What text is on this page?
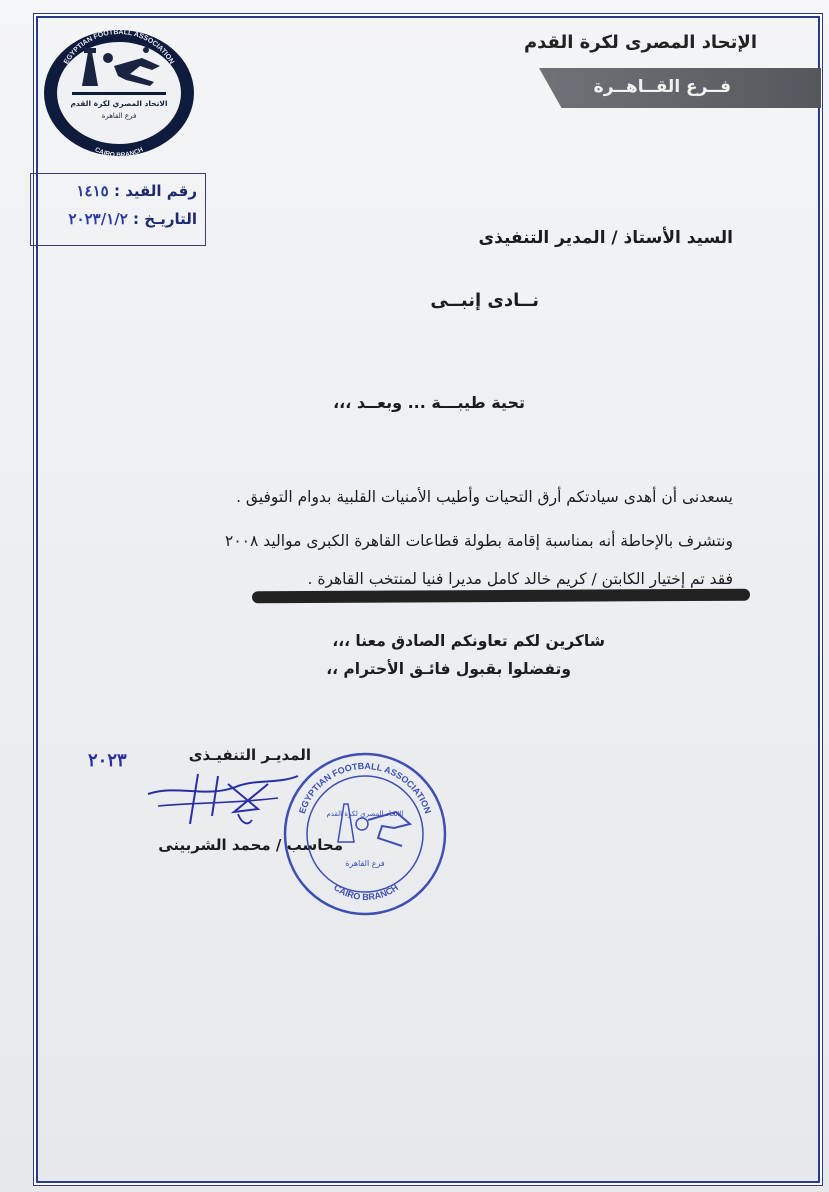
الإتحاد المصرى لكرة القدم
فــرع القــاهــرة
EGYPTIAN FOOTBALL ASSOCIATION
الاتحاد المصري لكرة القدم
فرع القاهرة
CAIRO BRANCH
رقم القيد : ١٤١٥
التاريـخ : ٢٠٢٣/١/٢
السيد الأستاذ / المدير التنفيذى
نــادى إنبــى
تحية طيبـــة ... وبعــد ،،،
يسعدنى أن أهدى سيادتكم أرق التحيات وأطيب الأمنيات القلبية بدوام التوفيق .
ونتشرف بالإحاطة أنه بمناسبة إقامة بطولة قطاعات القاهرة الكبرى مواليد ٢٠٠٨
فقد تم إختيار الكابتن / كريم خالد كامل مديرا فنيا لمنتخب القاهرة .
شاكرين لكم تعاونكم الصادق معنا ،،،
وتفضلوا بقبول فائـق الأحترام ،،
المديـر التنفيـذى
٢٠٢٣
محاسب / محمد الشربينى
EGYPTIAN FOOTBALL ASSOCIATION
الاتحاد المصري لكرة القدم
فرع القاهرة
CAIRO BRANCH
